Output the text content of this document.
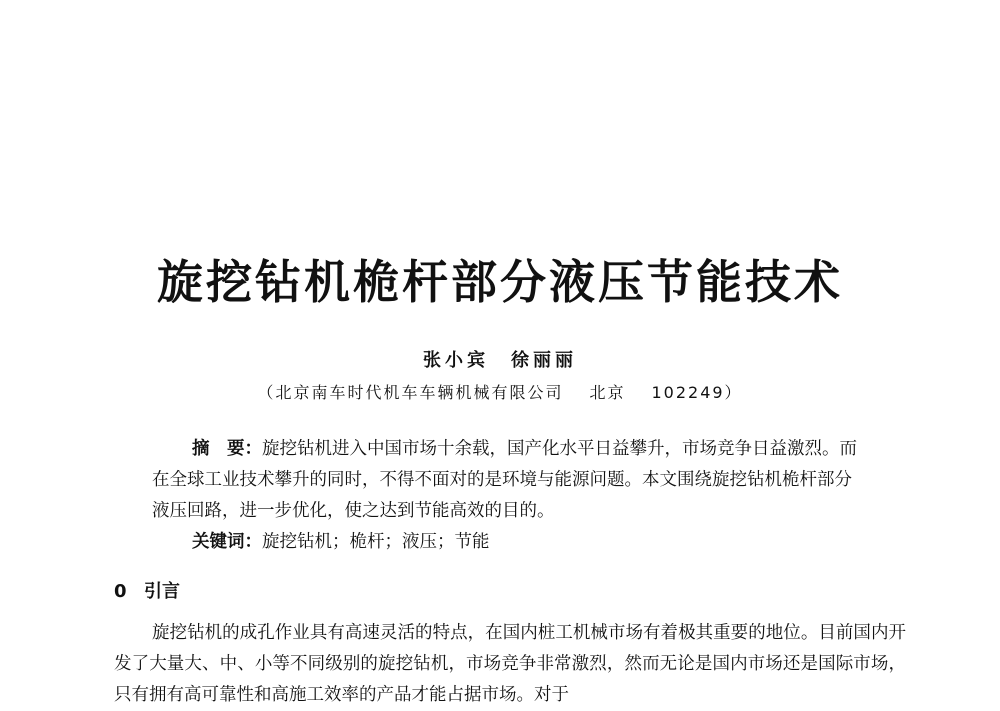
旋挖钻机桅杆部分液压节能技术
张小宾 徐丽丽
（北京南车时代机车车辆机械有限公司 北京 102249）

摘　要：旋挖钻机进入中国市场十余载，国产化水平日益攀升，市场竞争日益激烈。而在全球工业技术攀升的同时，不得不面对的是环境与能源问题。本文围绕旋挖钻机桅杆部分液压回路，进一步优化，使之达到节能高效的目的。

关键词：旋挖钻机；桅杆；液压；节能

0 引言

旋挖钻机的成孔作业具有高速灵活的特点，在国内桩工机械市场有着极其重要的地位。目前国内开发了大量大、中、小等不同级别的旋挖钻机，市场竞争非常激烈，然而无论是国内市场还是国际市场，只有拥有高可靠性和高施工效率的产品才能占据市场。对于
